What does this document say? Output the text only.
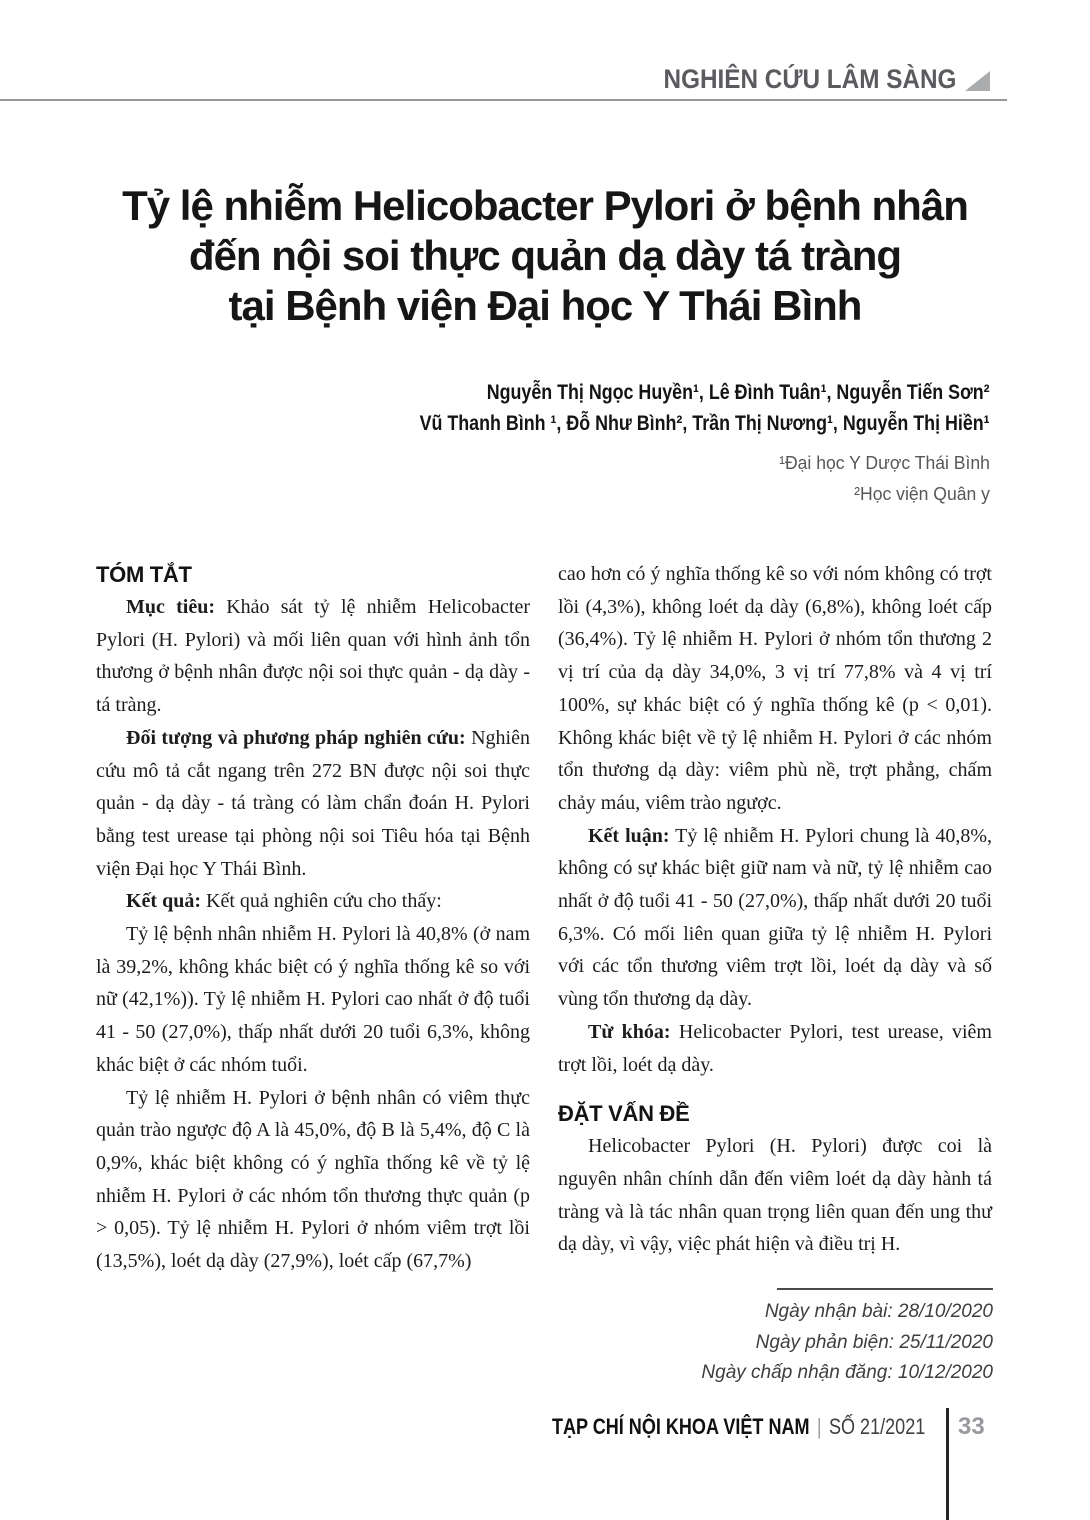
NGHIÊN CỨU LÂM SÀNG
Tỷ lệ nhiễm Helicobacter Pylori ở bệnh nhân
đến nội soi thực quản dạ dày tá tràng
tại Bệnh viện Đại học Y Thái Bình
Nguyễn Thị Ngọc Huyền¹, Lê Đình Tuân¹, Nguyễn Tiến Sơn²
Vũ Thanh Bình ¹, Đỗ Như Bình², Trần Thị Nương¹, Nguyễn Thị Hiền¹
¹Đại học Y Dược Thái Bình
²Học viện Quân y
TÓM TẮT

Mục tiêu: Khảo sát tỷ lệ nhiễm Helicobacter Pylori (H. Pylori) và mối liên quan với hình ảnh tổn thương ở bệnh nhân được nội soi thực quản - dạ dày - tá tràng.

Đối tượng và phương pháp nghiên cứu: Nghiên cứu mô tả cắt ngang trên 272 BN được nội soi thực quản - dạ dày - tá tràng có làm chẩn đoán H. Pylori bằng test urease tại phòng nội soi Tiêu hóa tại Bệnh viện Đại học Y Thái Bình.

Kết quả: Kết quả nghiên cứu cho thấy:

Tỷ lệ bệnh nhân nhiễm H. Pylori là 40,8% (ở nam là 39,2%, không khác biệt có ý nghĩa thống kê so với nữ (42,1%)). Tỷ lệ nhiễm H. Pylori cao nhất ở độ tuổi 41 - 50 (27,0%), thấp nhất dưới 20 tuổi 6,3%, không khác biệt ở các nhóm tuổi.

Tỷ lệ nhiễm H. Pylori ở bệnh nhân có viêm thực quản trào ngược độ A là 45,0%, độ B là 5,4%, độ C là 0,9%, khác biệt không có ý nghĩa thống kê về tỷ lệ nhiễm H. Pylori ở các nhóm tổn thương thực quản (p > 0,05). Tỷ lệ nhiễm H. Pylori ở nhóm viêm trợt lồi (13,5%), loét dạ dày (27,9%), loét cấp (67,7%)

cao hơn có ý nghĩa thống kê so với nóm không có trợt lồi (4,3%), không loét dạ dày (6,8%), không loét cấp (36,4%). Tỷ lệ nhiễm H. Pylori ở nhóm tổn thương 2 vị trí của dạ dày 34,0%, 3 vị trí 77,8% và 4 vị trí 100%, sự khác biệt có ý nghĩa thống kê (p < 0,01). Không khác biệt về tỷ lệ nhiễm H. Pylori ở các nhóm tổn thương dạ dày: viêm phù nề, trợt phẳng, chấm chảy máu, viêm trào ngược.

Kết luận: Tỷ lệ nhiễm H. Pylori chung là 40,8%, không có sự khác biệt giữ nam và nữ, tỷ lệ nhiễm cao nhất ở độ tuổi 41 - 50 (27,0%), thấp nhất dưới 20 tuổi 6,3%. Có mối liên quan giữa tỷ lệ nhiễm H. Pylori với các tổn thương viêm trợt lồi, loét dạ dày và số vùng tổn thương dạ dày.

Từ khóa: Helicobacter Pylori, test urease, viêm trợt lồi, loét dạ dày.

ĐẶT VẤN ĐỀ

Helicobacter Pylori (H. Pylori) được coi là nguyên nhân chính dẫn đến viêm loét dạ dày hành tá tràng và là tác nhân quan trọng liên quan đến ung thư dạ dày, vì vậy, việc phát hiện và điều trị H.

Ngày nhận bài: 28/10/2020
Ngày phản biện: 25/11/2020
Ngày chấp nhận đăng: 10/12/2020
TẠP CHÍ NỘI KHOA VIỆT NAM | SỐ 21/2021 33
